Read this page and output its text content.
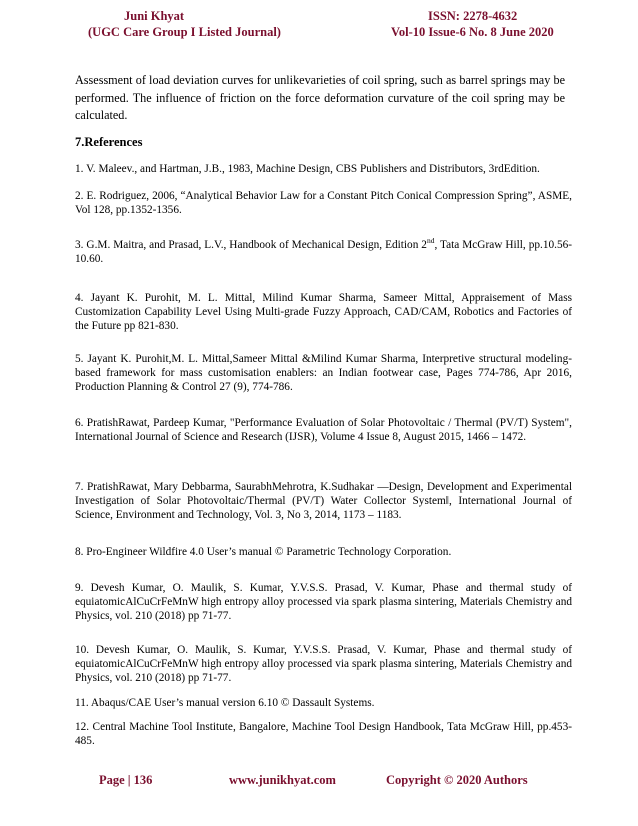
Juni Khyat
(UGC Care Group I Listed Journal)
ISSN: 2278-4632
Vol-10 Issue-6 No. 8 June 2020
Assessment of load deviation curves for unlikevarieties of coil spring, such as barrel springs may be performed. The influence of friction on the force deformation curvature of the coil spring may be calculated.
7.References
1. V. Maleev., and Hartman, J.B., 1983, Machine Design, CBS Publishers and Distributors, 3rdEdition.
2. E. Rodriguez, 2006, “Analytical Behavior Law for a Constant Pitch Conical Compression Spring”, ASME, Vol 128, pp.1352-1356.
3. G.M. Maitra, and Prasad, L.V., Handbook of Mechanical Design, Edition 2nd, Tata McGraw Hill, pp.10.56-10.60.
4. Jayant K. Purohit, M. L. Mittal, Milind Kumar Sharma, Sameer Mittal, Appraisement of Mass Customization Capability Level Using Multi-grade Fuzzy Approach, CAD/CAM, Robotics and Factories of the Future pp 821-830.
5. Jayant K. Purohit,M. L. Mittal,Sameer Mittal &Milind Kumar Sharma, Interpretive structural modeling-based framework for mass customisation enablers: an Indian footwear case, Pages 774-786, Apr 2016, Production Planning & Control 27 (9), 774-786.
6. PratishRawat, Pardeep Kumar, "Performance Evaluation of Solar Photovoltaic / Thermal (PV/T) System", International Journal of Science and Research (IJSR), Volume 4 Issue 8, August 2015, 1466 – 1472.
7. PratishRawat, Mary Debbarma, SaurabhMehrotra, K.Sudhakar ―Design, Development and Experimental Investigation of Solar Photovoltaic/Thermal (PV/T) Water Collector System‖, International Journal of Science, Environment and Technology, Vol. 3, No 3, 2014, 1173 – 1183.
8. Pro-Engineer Wildfire 4.0 User’s manual © Parametric Technology Corporation.
9. Devesh Kumar, O. Maulik, S. Kumar, Y.V.S.S. Prasad, V. Kumar, Phase and thermal study of equiatomicAlCuCrFeMnW high entropy alloy processed via spark plasma sintering, Materials Chemistry and Physics, vol. 210 (2018) pp 71-77.
10. Devesh Kumar, O. Maulik, S. Kumar, Y.V.S.S. Prasad, V. Kumar, Phase and thermal study of equiatomicAlCuCrFeMnW high entropy alloy processed via spark plasma sintering, Materials Chemistry and Physics, vol. 210 (2018) pp 71-77.
11. Abaqus/CAE User’s manual version 6.10 © Dassault Systems.
12. Central Machine Tool Institute, Bangalore, Machine Tool Design Handbook, Tata McGraw Hill, pp.453-485.
Page | 136	www.junikhyat.com	Copyright © 2020 Authors
